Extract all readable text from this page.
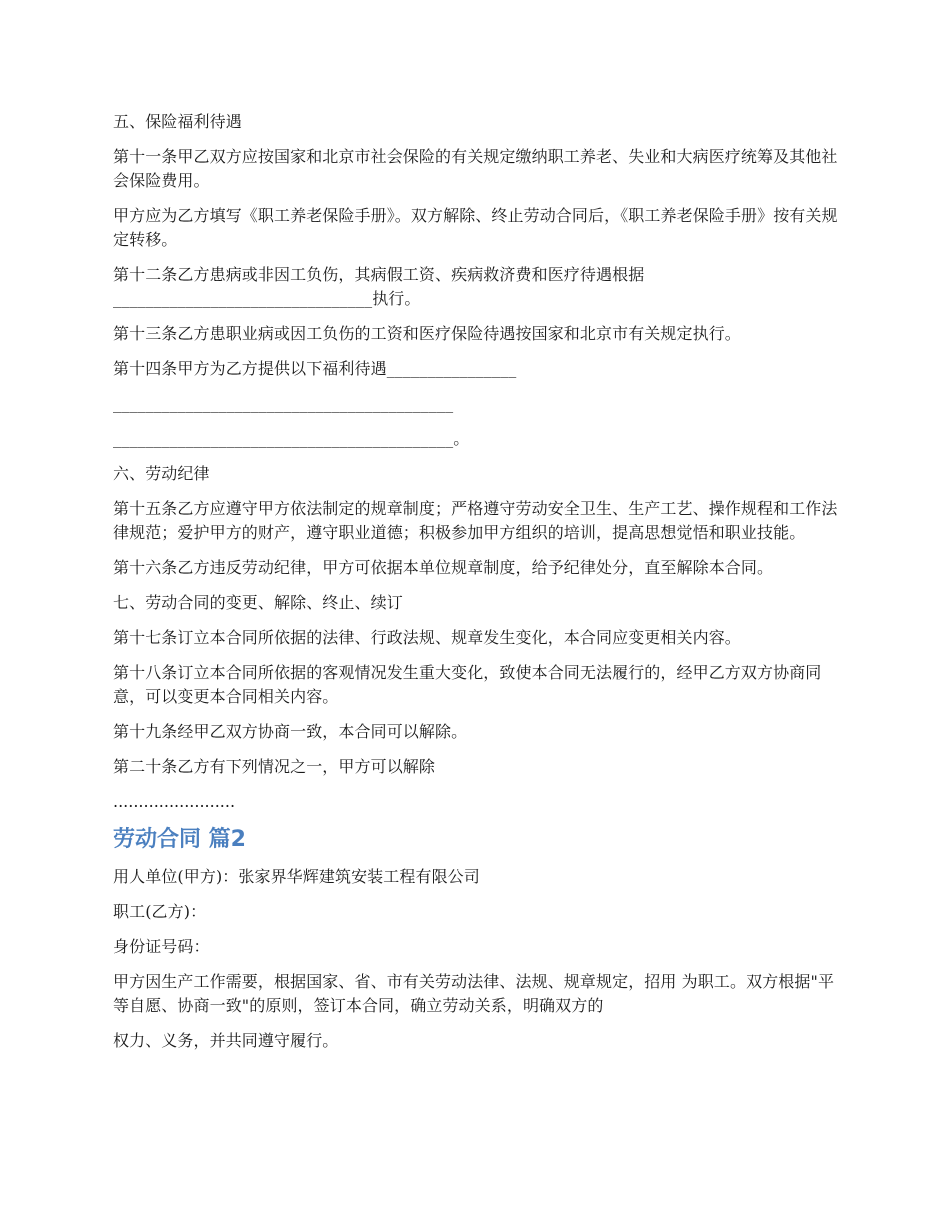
五、保险福利待遇

第十一条甲乙双方应按国家和北京市社会保险的有关规定缴纳职工养老、失业和大病医疗统筹及其他社会保险费用。

甲方应为乙方填写《职工养老保险手册》。双方解除、终止劳动合同后，《职工养老保险手册》按有关规定转移。

第十二条乙方患病或非因工负伤，其病假工资、疾病救济费和医疗待遇根据________________________________执行。

第十三条乙方患职业病或因工负伤的工资和医疗保险待遇按国家和北京市有关规定执行。

第十四条甲方为乙方提供以下福利待遇________________

__________________________________________

__________________________________________。

六、劳动纪律

第十五条乙方应遵守甲方依法制定的规章制度；严格遵守劳动安全卫生、生产工艺、操作规程和工作法律规范；爱护甲方的财产，遵守职业道德；积极参加甲方组织的培训，提高思想觉悟和职业技能。

第十六条乙方违反劳动纪律，甲方可依据本单位规章制度，给予纪律处分，直至解除本合同。

七、劳动合同的变更、解除、终止、续订

第十七条订立本合同所依据的法律、行政法规、规章发生变化，本合同应变更相关内容。

第十八条订立本合同所依据的客观情况发生重大变化，致使本合同无法履行的，经甲乙方双方协商同意，可以变更本合同相关内容。

第十九条经甲乙双方协商一致，本合同可以解除。

第二十条乙方有下列情况之一，甲方可以解除

........................

劳动合同 篇2

用人单位(甲方)：张家界华辉建筑安装工程有限公司

职工(乙方)：

身份证号码：

甲方因生产工作需要，根据国家、省、市有关劳动法律、法规、规章规定，招用 为职工。双方根据"平等自愿、协商一致"的原则，签订本合同，确立劳动关系，明确双方的

权力、义务，并共同遵守履行。
